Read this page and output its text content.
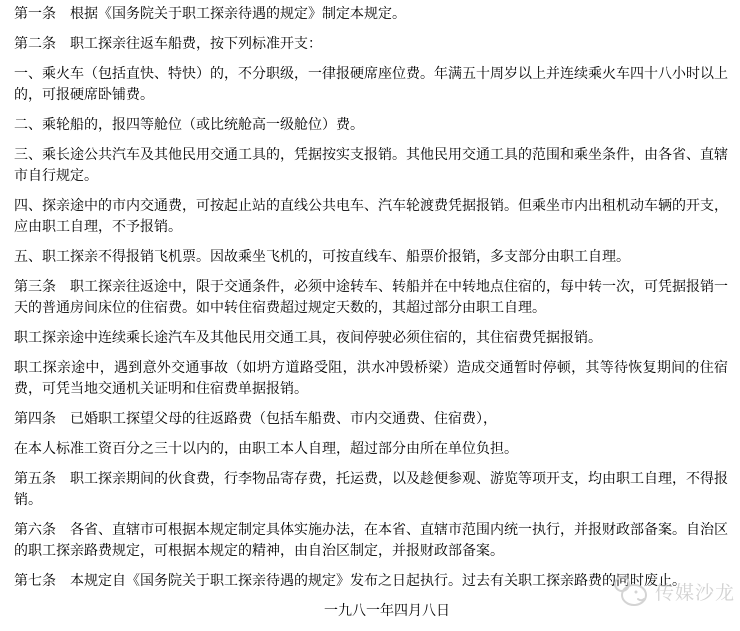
第一条　根据《国务院关于职工探亲待遇的规定》制定本规定。

第二条　职工探亲往返车船费，按下列标准开支：

一、乘火车（包括直快、特快）的，不分职级，一律报硬席座位费。年满五十周岁以上并连续乘火车四十八小时以上的，可报硬席卧铺费。

二、乘轮船的，报四等舱位（或比统舱高一级舱位）费。

三、乘长途公共汽车及其他民用交通工具的，凭据按实支报销。其他民用交通工具的范围和乘坐条件，由各省、直辖市自行规定。

四、探亲途中的市内交通费，可按起止站的直线公共电车、汽车轮渡费凭据报销。但乘坐市内出租机动车辆的开支，应由职工自理，不予报销。

五、职工探亲不得报销飞机票。因故乘坐飞机的，可按直线车、船票价报销，多支部分由职工自理。

第三条　职工探亲往返途中，限于交通条件，必须中途转车、转船并在中转地点住宿的，每中转一次，可凭据报销一天的普通房间床位的住宿费。如中转住宿费超过规定天数的，其超过部分由职工自理。

职工探亲途中连续乘长途汽车及其他民用交通工具，夜间停驶必须住宿的，其住宿费凭据报销。

职工探亲途中，遇到意外交通事故（如坍方道路受阻，洪水冲毁桥梁）造成交通暂时停顿，其等待恢复期间的住宿费，可凭当地交通机关证明和住宿费单据报销。

第四条　已婚职工探望父母的往返路费（包括车船费、市内交通费、住宿费），

在本人标准工资百分之三十以内的，由职工本人自理，超过部分由所在单位负担。

第五条　职工探亲期间的伙食费，行李物品寄存费，托运费，以及趁便参观、游览等项开支，均由职工自理，不得报销。

第六条　各省、直辖市可根据本规定制定具体实施办法，在本省、直辖市范围内统一执行，并报财政部备案。自治区的职工探亲路费规定，可根据本规定的精神，由自治区制定，并报财政部备案。

第七条　本规定自《国务院关于职工探亲待遇的规定》发布之日起执行。过去有关职工探亲路费的同时废止。

传媒沙龙
一九八一年四月八日
